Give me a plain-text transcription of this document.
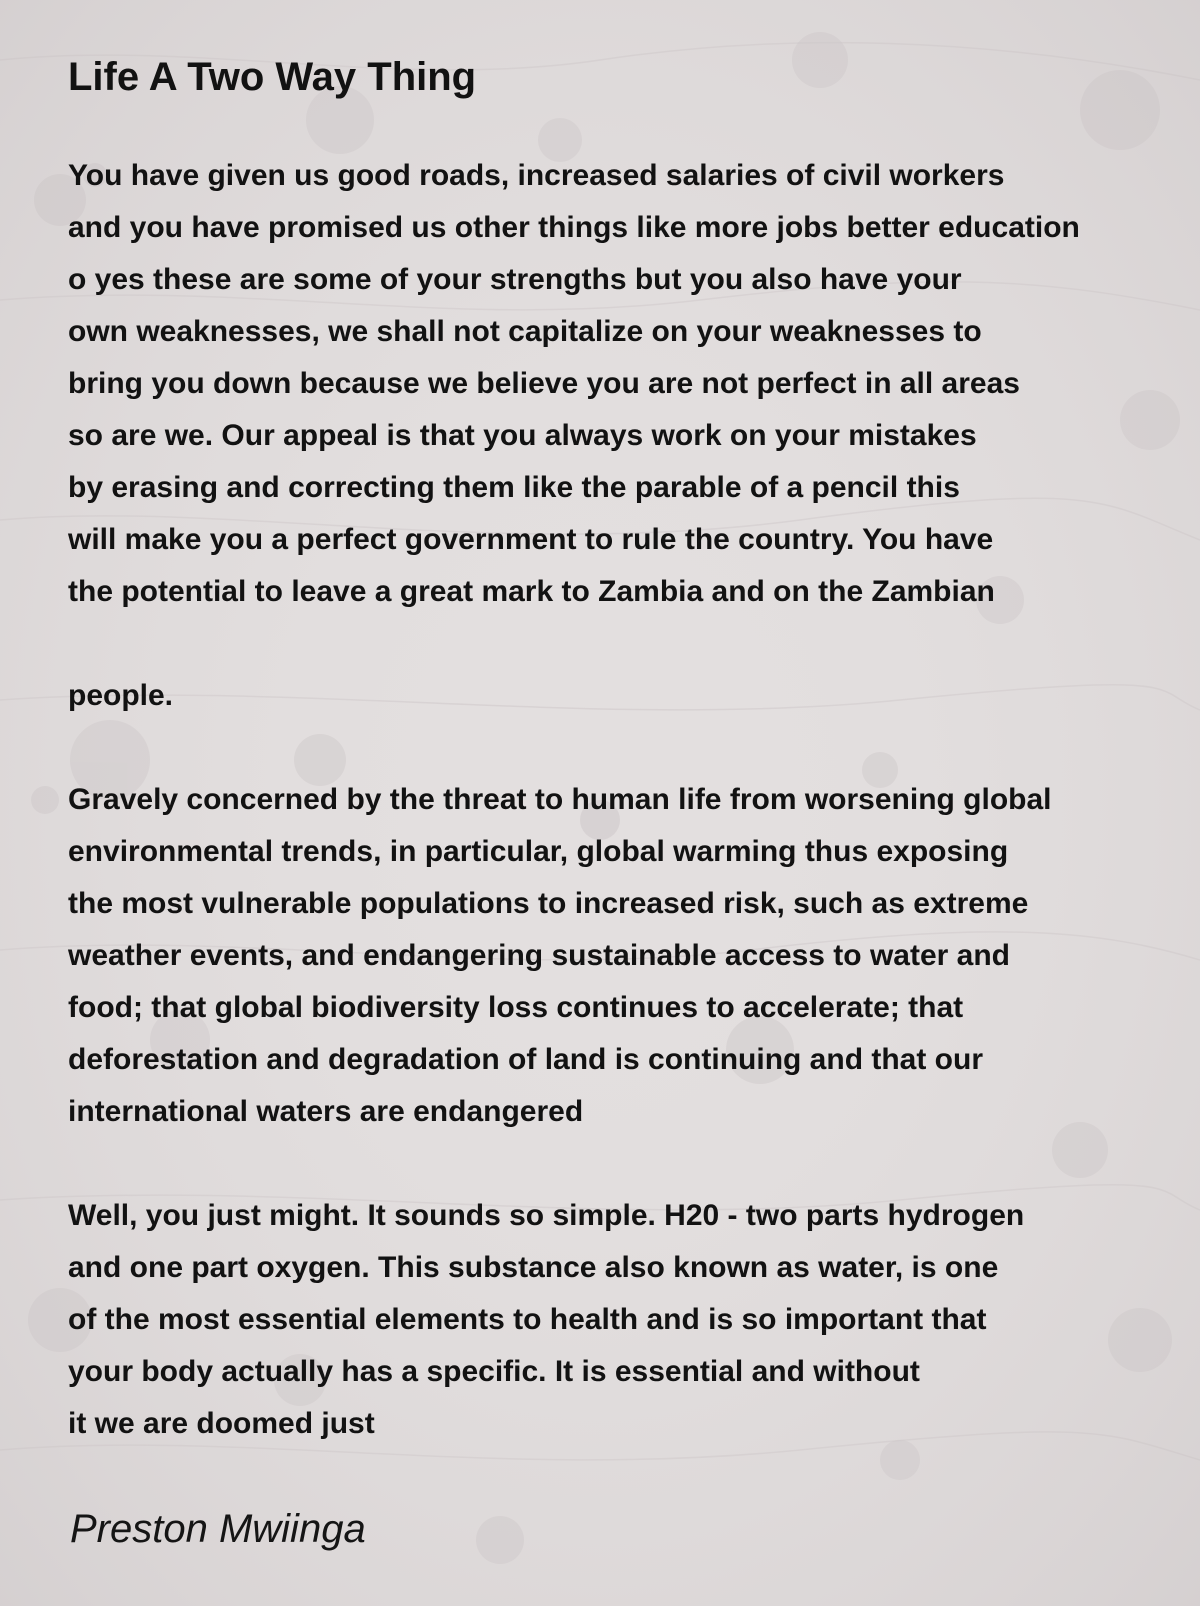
Life A Two Way Thing
You have given us good roads, increased salaries of civil workers
and you have promised us other things like more jobs better education
o yes these are some of your strengths but you also have your
own weaknesses, we shall not capitalize on your weaknesses to
bring you down because we believe you are not perfect in all areas
so are we. Our appeal is that you always work on your mistakes
by erasing and correcting them like the parable of a pencil this
will make you a perfect government to rule the country. You have
the potential to leave a great mark to Zambia and on the Zambian
people.
Gravely concerned by the threat to human life from worsening global
environmental trends, in particular, global warming thus exposing
the most vulnerable populations to increased risk, such as extreme
weather events, and endangering sustainable access to water and
food; that global biodiversity loss continues to accelerate; that
deforestation and degradation of land is continuing and that our
international waters are endangered
Well, you just might. It sounds so simple. H20 - two parts hydrogen
and one part oxygen. This substance also known as water, is one
of the most essential elements to health and is so important that
your body actually has a specific. It is essential and without
it we are doomed just

Preston Mwiinga
